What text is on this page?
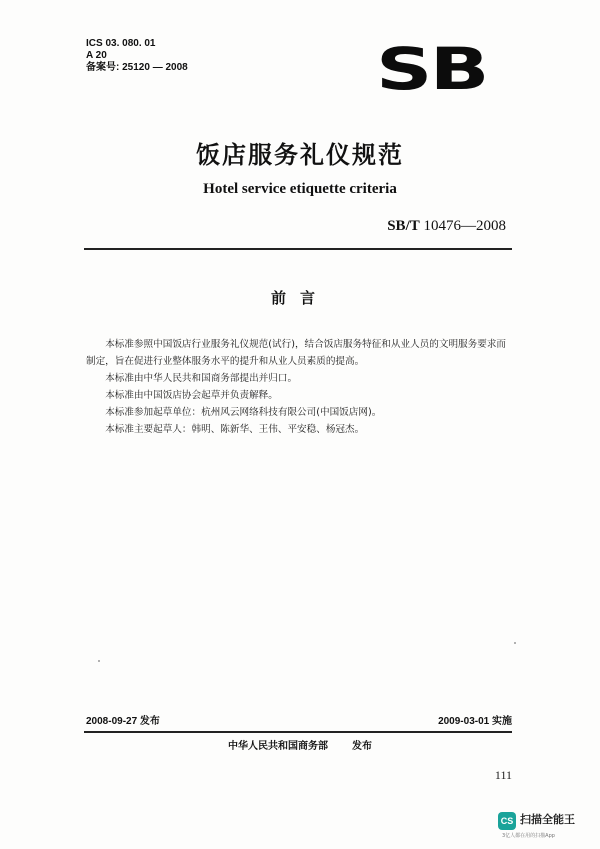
ICS 03. 080. 01
A 20
备案号: 25120 — 2008	SB
饭店服务礼仪规范
Hotel service etiquette criteria
SB/T 10476—2008
前言

本标准参照中国饭店行业服务礼仪规范(试行)，结合饭店服务特征和从业人员的文明服务要求而制定，旨在促进行业整体服务水平的提升和从业人员素质的提高。

本标准由中华人民共和国商务部提出并归口。

本标准由中国饭店协会起草并负责解释。

本标准参加起草单位：杭州风云网络科技有限公司(中国饭店网)。

本标准主要起草人：韩明、陈新华、王伟、平安稳、杨冠杰。

2008-09-27 发布	2009-03-01 实施
中华人民共和国商务部 发布
111
CS 扫描全能王
3亿人都在用的扫描App
